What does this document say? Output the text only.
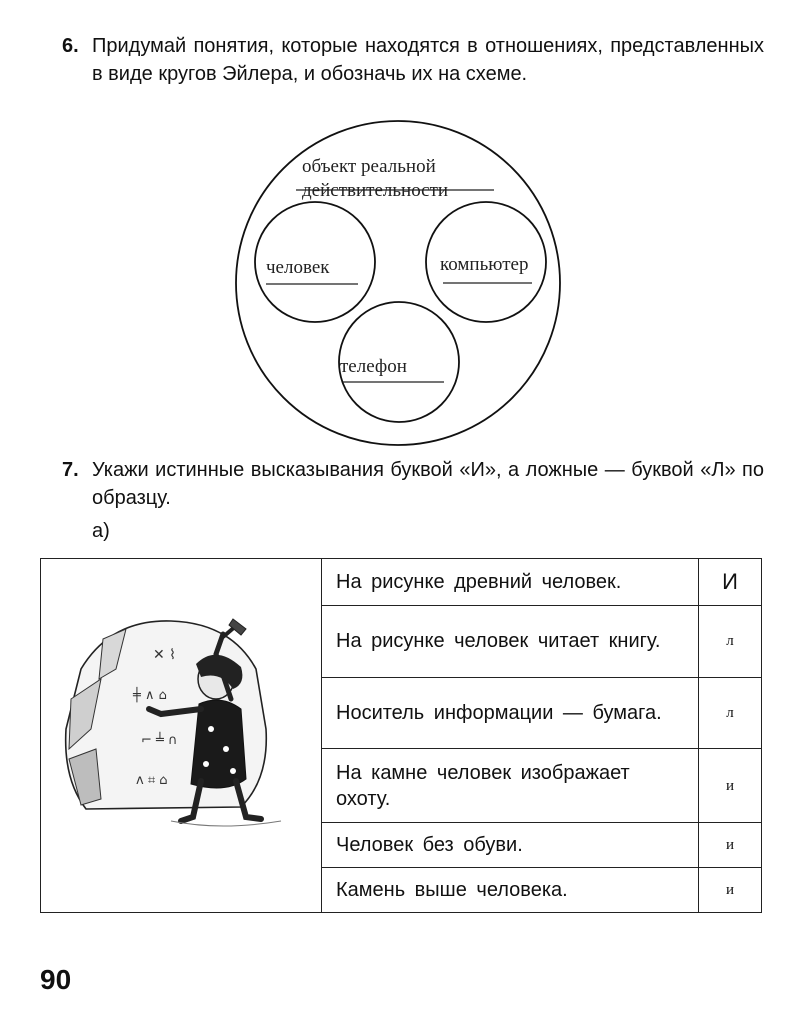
6. Придумай понятия, которые находятся в отношениях, представленных в виде кругов Эйлера, и обозначь их на схеме.
объект реальной
действительности
человек	компьютер
телефон
7. Укажи истинные высказывания буквой «И», а ложные — буквой «Л» по образцу.
а)
✕ ⌇
╪ ∧ ⌂
⌐ ╧ ∩
ᴧ ⌗ ⌂	На рисунке древний человек.	И
	На рисунке человек читает книгу.	л
	Носитель информации — бумага.	л
	На камне человек изображает охоту.	и
	Человек без обуви.	и
	Камень выше человека.	и
90
